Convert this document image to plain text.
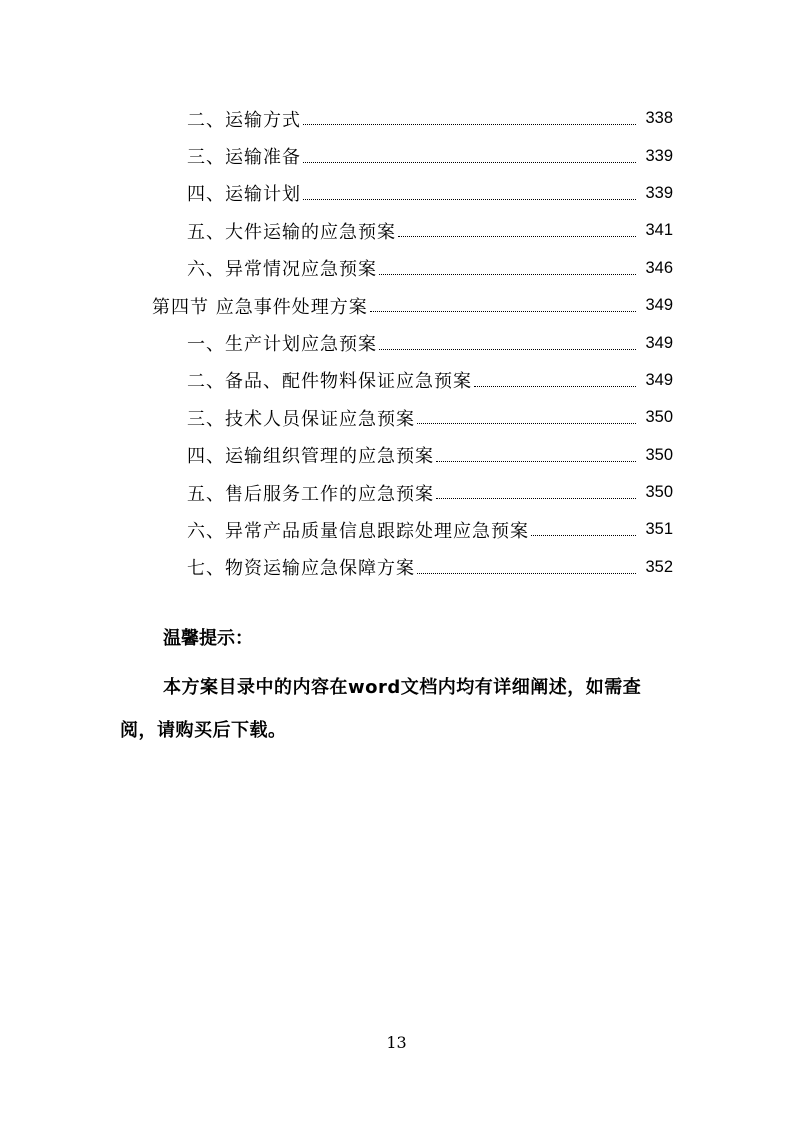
二、运输方式	338
三、运输准备	339
四、运输计划	339
五、大件运输的应急预案	341
六、异常情况应急预案	346
第四节 应急事件处理方案	349
一、生产计划应急预案	349
二、备品、配件物料保证应急预案	349
三、技术人员保证应急预案	350
四、运输组织管理的应急预案	350
五、售后服务工作的应急预案	350
六、异常产品质量信息跟踪处理应急预案	351
七、物资运输应急保障方案	352
温馨提示：
本方案目录中的内容在word文档内均有详细阐述，如需查阅，请购买后下载。
13
